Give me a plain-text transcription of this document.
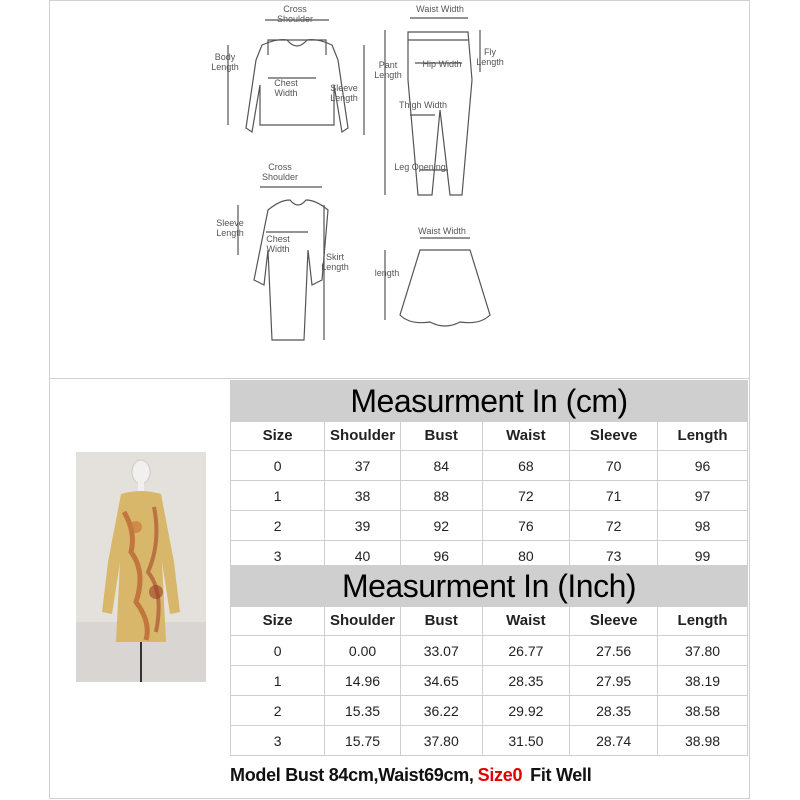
Cross Shoulder
Body Length
Chest Width	Sleeve Length
Waist Width
Pant Length
Hip Width
Fly Length
Thigh Width
Leg Opening
Cross Shoulder
Sleeve Length
Chest Width
Skirt Length
Waist Width
length
Measurment In (cm)
Size	Shoulder	Bust	Waist	Sleeve	Length
0	37	84	68	70	96
1	38	88	72	71	97
2	39	92	76	72	98
3	40	96	80	73	99
Measurment In (Inch)
Size	Shoulder	Bust	Waist	Sleeve	Length
0	0.00	33.07	26.77	27.56	37.80
1	14.96	34.65	28.35	27.95	38.19
2	15.35	36.22	29.92	28.35	38.58
3	15.75	37.80	31.50	28.74	38.98
Model Bust 84cm,Waist69cm, Size0 Fit Well
